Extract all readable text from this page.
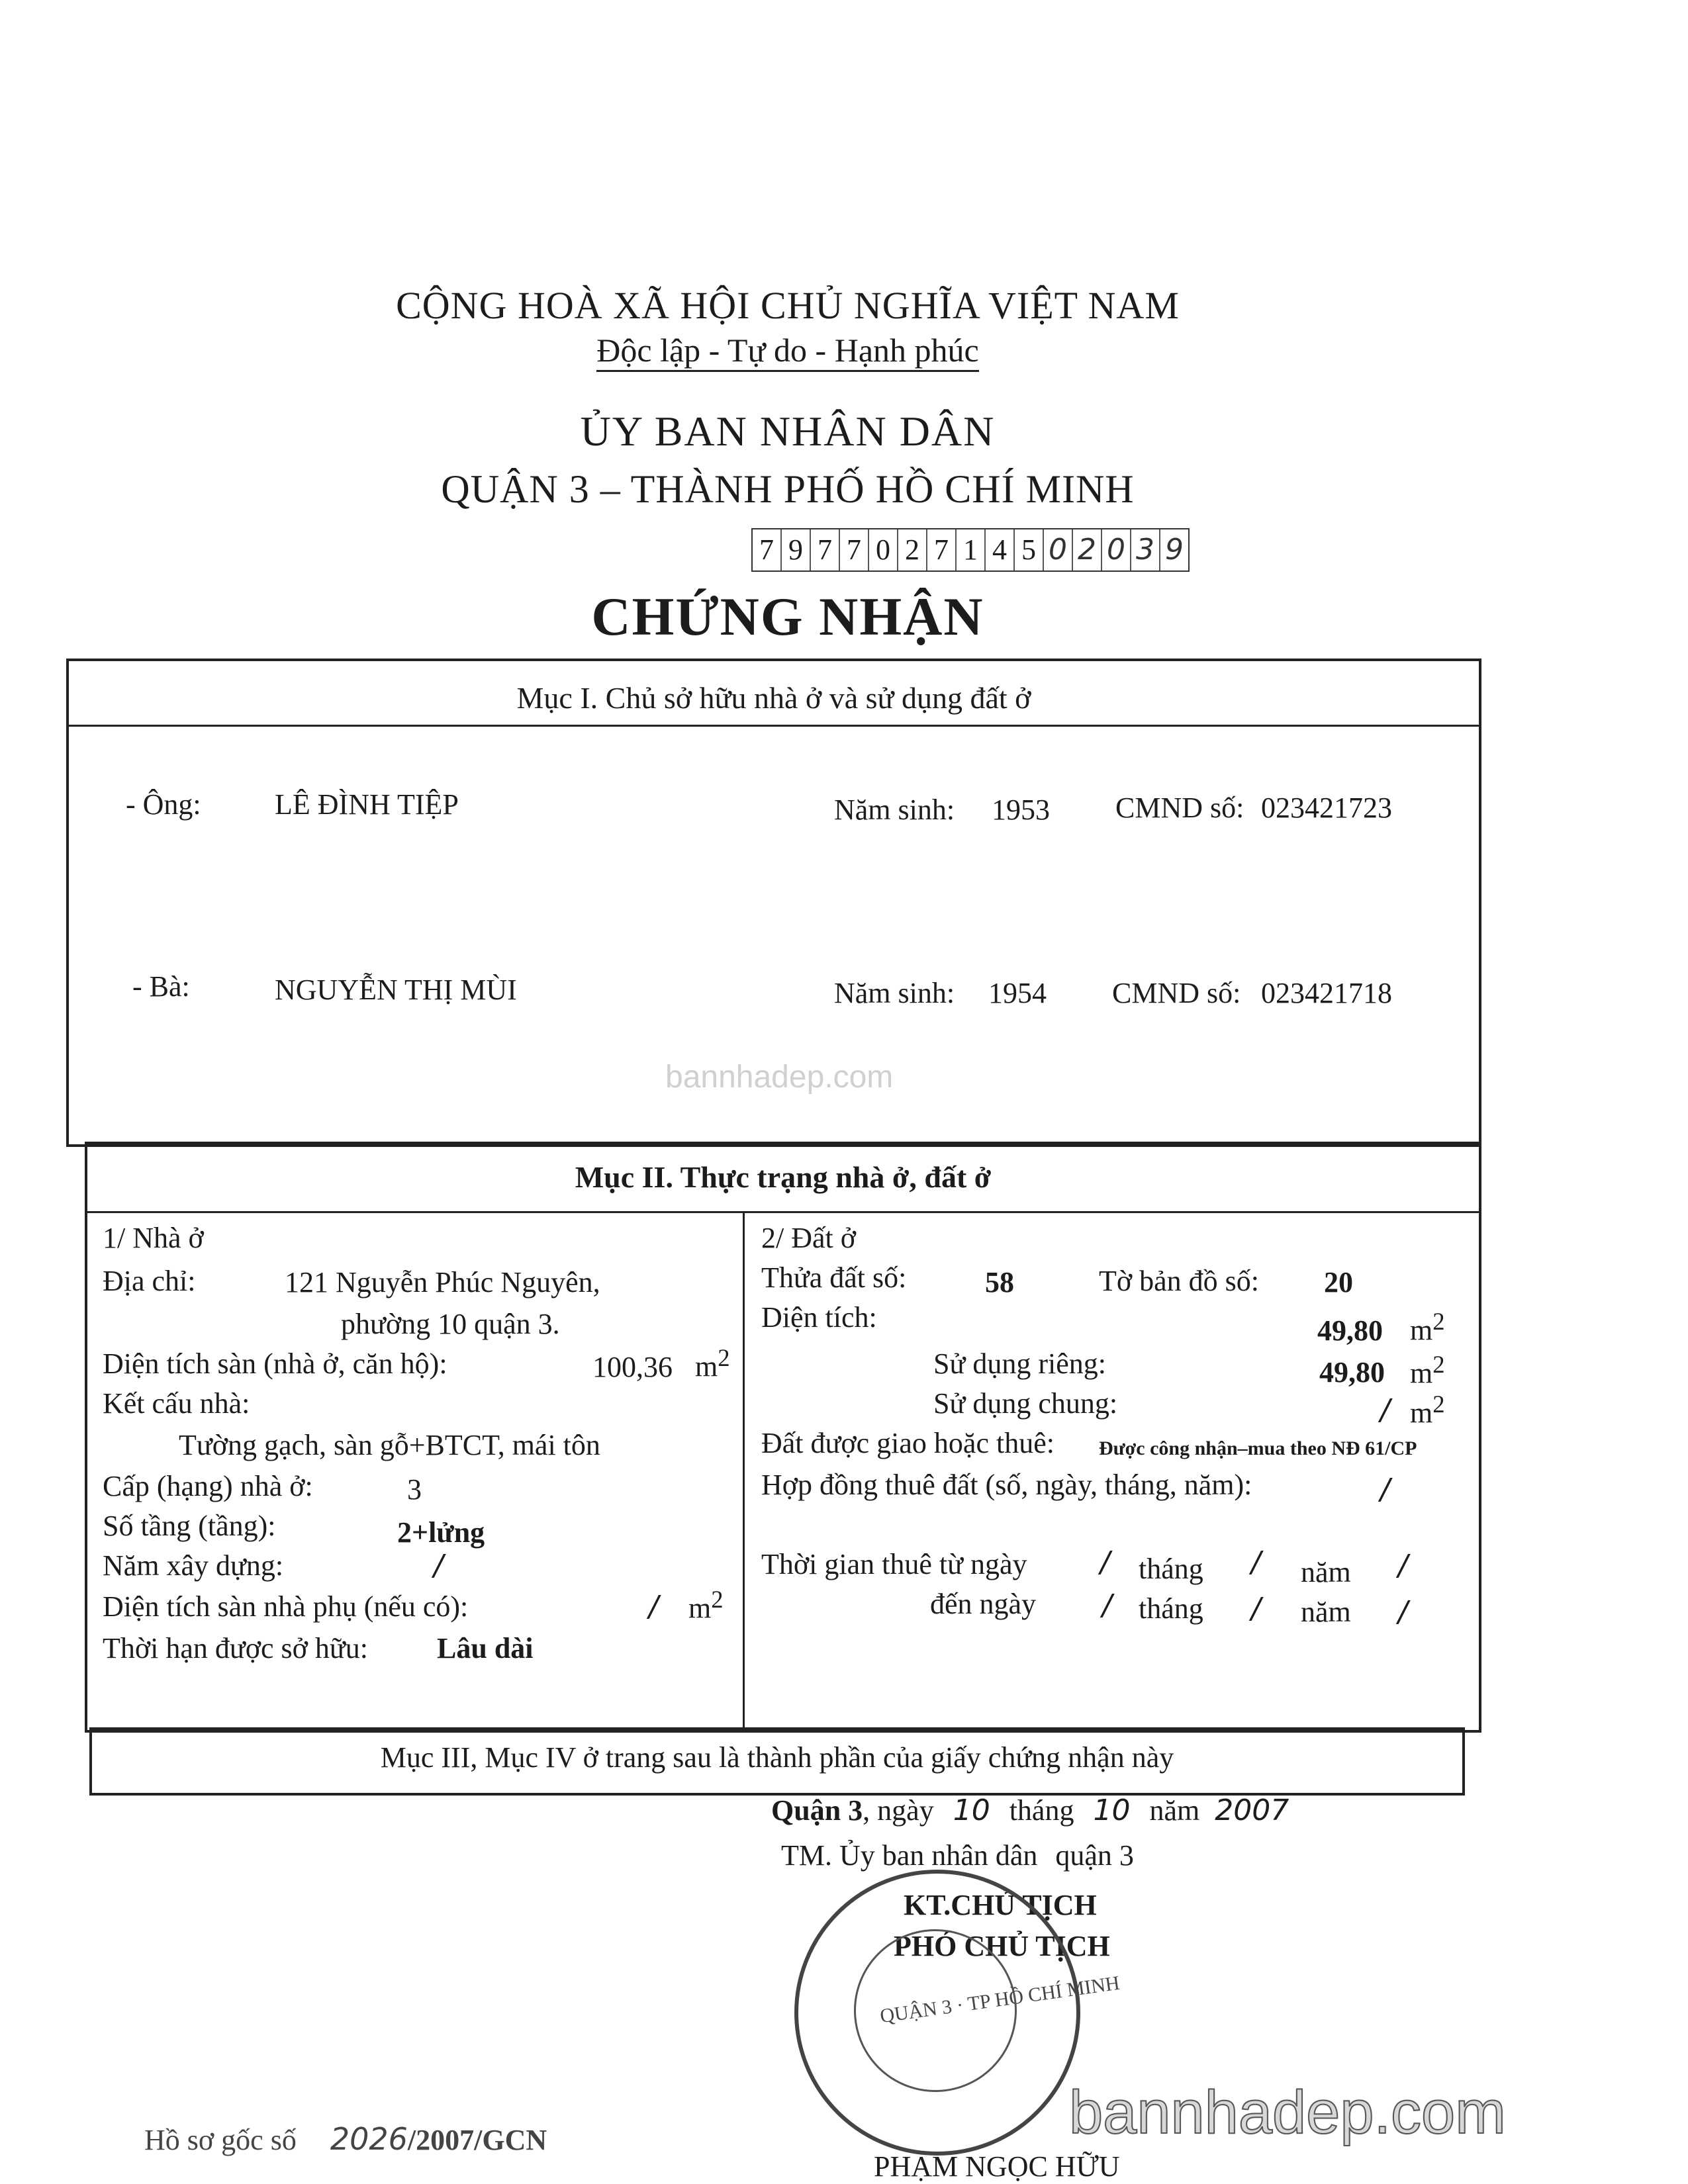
CỘNG HOÀ XÃ HỘI CHỦ NGHĨA VIỆT NAM
Độc lập - Tự do - Hạnh phúc
ỦY BAN NHÂN DÂN
QUẬN 3 – THÀNH PHỐ HỒ CHÍ MINH
7 9 7 7 0 2 7 1 4 5 0 2 0 3 9
CHỨNG NHẬN
Mục I. Chủ sở hữu nhà ở và sử dụng đất ở
- Ông:	LÊ ĐÌNH TIỆP	Năm sinh: 1953 CMND số: 023421723
- Bà:	NGUYỄN THỊ MÙI	Năm sinh: 1954 CMND số: 023421718
bannhadep.com
Mục II. Thực trạng nhà ở, đất ở
1/ Nhà ở
Địa chỉ:	121 Nguyễn Phúc Nguyên,
phường 10 quận 3.
Diện tích sàn (nhà ở, căn hộ):	100,36 $m^2$
Kết cấu nhà:
Tường gạch, sàn gỗ+BTCT, mái tôn
Cấp (hạng) nhà ở:	3
Số tầng (tầng):	2+lửng
Năm xây dựng:	/
Diện tích sàn nhà phụ (nếu có):	/ $m^2$
Thời hạn được sở hữu: Lâu dài
2/ Đất ở
Thửa đất số:	58	Tờ bản đồ số: 20
Diện tích:	49,80 $m^2$
Sử dụng riêng:	49,80 $m^2$
Sử dụng chung:	/ $m^2$
Đất được giao hoặc thuê: Được công nhận–mua theo NĐ 61/CP
Hợp đồng thuê đất (số, ngày, tháng, năm):	/
Thời gian thuê từ ngày	/ tháng / năm /
đến ngày / tháng / năm /
Mục III, Mục IV ở trang sau là thành phần của giấy chứng nhận này
Quận 3, ngày 10 tháng 10 năm 2007
TM. Ủy ban nhân dân quận 3
KT.CHỦ TỊCH
PHÓ CHỦ TỊCH
QUẬN 3 · TP HỒ CHÍ MINH
PHẠM NGỌC HỮU
Hồ sơ gốc số 2026/2007/GCN	bannhadep.com
